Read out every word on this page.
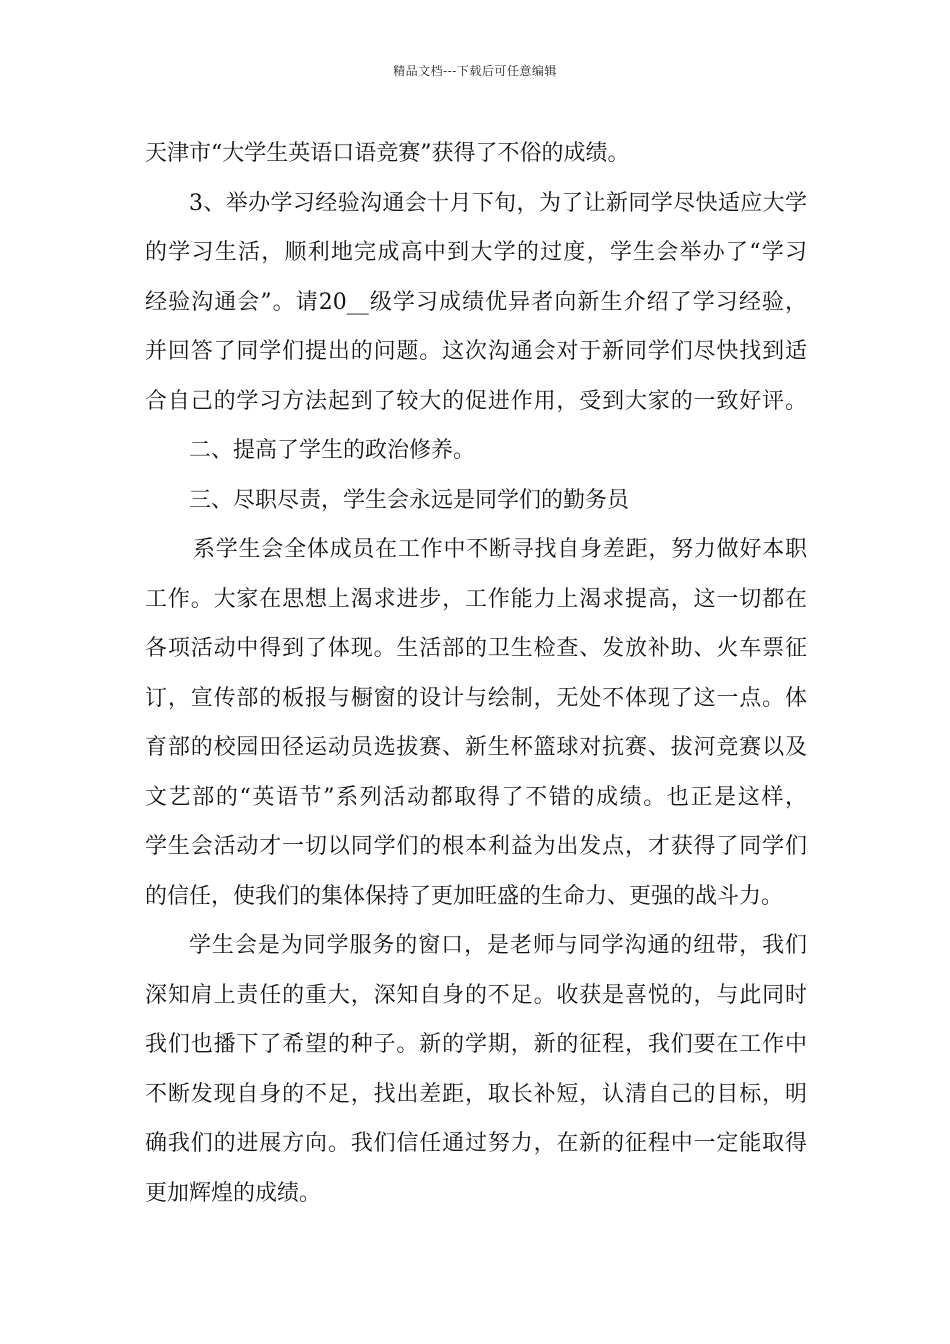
精品文档---下载后可任意编辑
天津市“大学生英语口语竞赛”获得了不俗的成绩。
3、举办学习经验沟通会十月下旬，为了让新同学尽快适应大学
的学习生活，顺利地完成高中到大学的过度，学生会举办了“学习
经验沟通会”。请20__级学习成绩优异者向新生介绍了学习经验，
并回答了同学们提出的问题。这次沟通会对于新同学们尽快找到适
合自己的学习方法起到了较大的促进作用，受到大家的一致好评。
二、提高了学生的政治修养。
三、尽职尽责，学生会永远是同学们的勤务员
系学生会全体成员在工作中不断寻找自身差距，努力做好本职
工作。大家在思想上渴求进步，工作能力上渴求提高，这一切都在
各项活动中得到了体现。生活部的卫生检查、发放补助、火车票征
订，宣传部的板报与橱窗的设计与绘制，无处不体现了这一点。体
育部的校园田径运动员选拔赛、新生杯篮球对抗赛、拔河竞赛以及
文艺部的“英语节”系列活动都取得了不错的成绩。也正是这样，
学生会活动才一切以同学们的根本利益为出发点，才获得了同学们
的信任，使我们的集体保持了更加旺盛的生命力、更强的战斗力。
学生会是为同学服务的窗口，是老师与同学沟通的纽带，我们
深知肩上责任的重大，深知自身的不足。收获是喜悦的，与此同时
我们也播下了希望的种子。新的学期，新的征程，我们要在工作中
不断发现自身的不足，找出差距，取长补短，认清自己的目标，明
确我们的进展方向。我们信任通过努力，在新的征程中一定能取得
更加辉煌的成绩。
